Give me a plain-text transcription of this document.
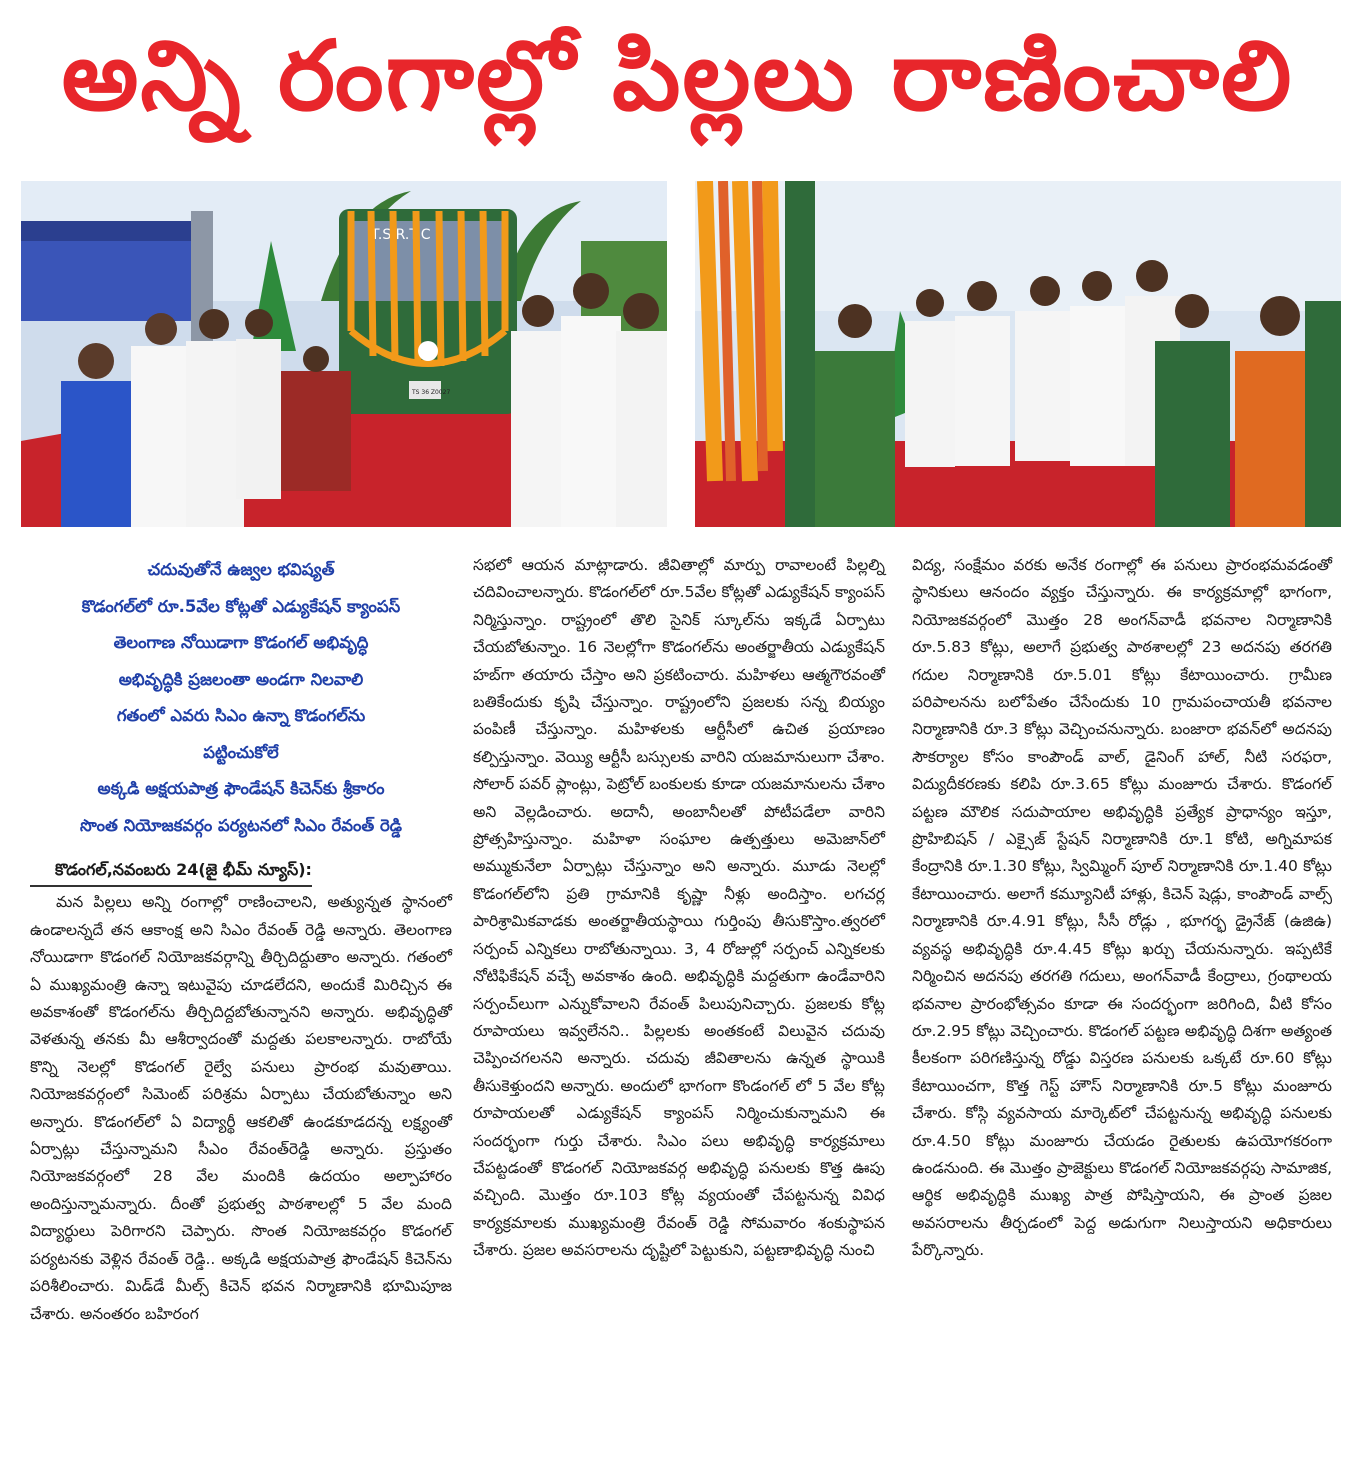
అన్ని రంగాల్లో పిల్లలు రాణించాలి
T.S.R.T.C
TS 36 Z0027
చదువుతోనే ఉజ్వల భవిష్యత్
కొడంగల్‌లో రూ.5వేల కోట్లతో ఎడ్యుకేషన్ క్యాంపస్
తెలంగాణ నోయిడాగా కొడంగల్ అభివృద్ధి
అభివృద్ధికి ప్రజలంతా అండగా నిలవాలి
గతంలో ఎవరు సిఎం ఉన్నా కొడంగల్‌ను
పట్టించుకోలే
అక్కడి అక్షయపాత్ర ఫౌండేషన్ కిచెన్‌కు శ్రీకారం
సొంత నియోజకవర్గం పర్యటనలో సిఎం రేవంత్ రెడ్డి
కొడంగల్,నవంబరు 24(జై భీమ్ న్యూస్):

మన పిల్లలు అన్ని రంగాల్లో రాణించాలని, అత్యున్నత స్థానంలో ఉండాలన్నదే తన ఆకాంక్ష అని సిఎం రేవంత్ రెడ్డి అన్నారు. తెలంగాణ నోయిడాగా కొడంగల్ నియోజకవర్గాన్ని తీర్చిదిద్దుతాం అన్నారు. గతంలో ఏ ముఖ్యమంత్రి ఉన్నా ఇటువైపు చూడలేదని, అందుకే మిరిచ్చిన ఈ అవకాశంతో కొడంగల్‌ను తీర్చిదిద్దబోతున్నానని అన్నారు. అభివృద్ధితో వెళతున్న తనకు మీ ఆశీర్వాదంతో మద్దతు పలకాలన్నారు. రాబోయే కొన్ని నెలల్లో కొడంగల్ రైల్వే పనులు ప్రారంభ మవుతాయి. నియోజకవర్గంలో సిమెంట్ పరిశ్రమ ఏర్పాటు చేయబోతున్నాం అని అన్నారు. కొడంగల్‌లో ఏ విద్యార్థీ ఆకలితో ఉండకూడదన్న లక్ష్యంతో ఏర్పాట్లు చేస్తున్నామని సీఎం రేవంత్‌రెడ్డి అన్నారు. ప్రస్తుతం నియోజకవర్గంలో 28 వేల మందికి ఉదయం అల్పాహారం అందిస్తున్నామన్నారు. దీంతో ప్రభుత్వ పాఠశాలల్లో 5 వేల మంది విద్యార్థులు పెరిగారని చెప్పారు. సొంత నియోజకవర్గం కొడంగల్ పర్యటనకు వెళ్లిన రేవంత్ రెడ్డి.. అక్కడి అక్షయపాత్ర ఫౌండేషన్ కిచెన్‌ను పరిశీలించారు. మిడ్‌డే మీల్స్ కిచెన్ భవన నిర్మాణానికి భూమిపూజ చేశారు. అనంతరం బహిరంగ

సభలో ఆయన మాట్లాడారు. జీవితాల్లో మార్పు రావాలంటే పిల్లల్ని చదివించాలన్నారు. కొడంగల్‌లో రూ.5వేల కోట్లతో ఎడ్యుకేషన్ క్యాంపస్ నిర్మిస్తున్నాం. రాష్ట్రంలో తొలి సైనిక్ స్కూల్‌ను ఇక్కడే ఏర్పాటు చేయబోతున్నాం. 16 నెలల్లోగా కొడంగల్‌ను అంతర్జాతీయ ఎడ్యుకేషన్ హబ్‌గా తయారు చేస్తాం అని ప్రకటించారు. మహిళలు ఆత్మగౌరవంతో బతికేందుకు కృషి చేస్తున్నాం. రాష్ట్రంలోని ప్రజలకు సన్న బియ్యం పంపిణీ చేస్తున్నాం. మహిళలకు ఆర్టీసీలో ఉచిత ప్రయాణం కల్పిస్తున్నాం. వెయ్యి ఆర్టీసీ బస్సులకు వారిని యజమానులుగా చేశాం. సోలార్ పవర్ ప్లాంట్లు, పెట్రోల్ బంకులకు కూడా యజమానులను చేశాం అని వెల్లడించారు. అదానీ, అంబానీలతో పోటీపడేలా వారిని ప్రోత్సహిస్తున్నాం. మహిళా సంఘాల ఉత్పత్తులు అమెజాన్‌లో అమ్ముకునేలా ఏర్పాట్లు చేస్తున్నాం అని అన్నారు. మూడు నెలల్లో కొడంగల్‌లోని ప్రతి గ్రామానికి కృష్ణా నీళ్లు అందిస్తాం. లగచర్ల పారిశ్రామికవాడకు అంతర్జాతీయస్థాయి గుర్తింపు తీసుకొస్తాం.త్వరలో సర్పంచ్ ఎన్నికలు రాబోతున్నాయి. 3, 4 రోజుల్లో సర్పంచ్ ఎన్నికలకు నోటిఫికేషన్ వచ్చే అవకాశం ఉంది. అభివృద్ధికి మద్దతుగా ఉండేవారిని సర్పంచ్‌లుగా ఎన్నుకోవాలని రేవంత్ పిలుపునిచ్చారు. ప్రజలకు కోట్ల రూపాయలు ఇవ్వలేనని.. పిల్లలకు అంతకంటే విలువైన చదువు చెప్పించగలనని అన్నారు. చదువు జీవితాలను ఉన్నత స్థాయికి తీసుకెళ్తుందని అన్నారు. అందులో భాగంగా కొండంగల్ లో 5 వేల కోట్ల రూపాయలతో ఎడ్యుకేషన్ క్యాంపస్ నిర్మించుకున్నామని ఈ సందర్భంగా గుర్తు చేశారు. సిఎం పలు అభివృద్ధి కార్యక్రమాలు చేపట్టడంతో కొడంగల్ నియోజకవర్గ అభివృద్ధి పనులకు కొత్త ఊపు వచ్చింది. మొత్తం రూ.103 కోట్ల వ్యయంతో చేపట్టనున్న వివిధ కార్యక్రమాలకు ముఖ్యమంత్రి రేవంత్ రెడ్డి సోమవారం శంకుస్థాపన చేశారు. ప్రజల అవసరాలను దృష్టిలో పెట్టుకుని, పట్టణాభివృద్ధి నుంచి

విద్య, సంక్షేమం వరకు అనేక రంగాల్లో ఈ పనులు ప్రారంభమవడంతో స్థానికులు ఆనందం వ్యక్తం చేస్తున్నారు. ఈ కార్యక్రమాల్లో భాగంగా, నియోజకవర్గంలో మొత్తం 28 అంగన్‌వాడీ భవనాల నిర్మాణానికి రూ.5.83 కోట్లు, అలాగే ప్రభుత్వ పాఠశాలల్లో 23 అదనపు తరగతి గదుల నిర్మాణానికి రూ.5.01 కోట్లు కేటాయించారు. గ్రామీణ పరిపాలనను బలోపేతం చేసేందుకు 10 గ్రామపంచాయతీ భవనాల నిర్మాణానికి రూ.3 కోట్లు వెచ్చించనున్నారు. బంజారా భవన్‌లో అదనపు సౌకర్యాల కోసం కాంపౌండ్ వాల్, డైనింగ్ హాల్, నీటి సరఫరా, విద్యుదీకరణకు కలిపి రూ.3.65 కోట్లు మంజూరు చేశారు. కొడంగల్ పట్టణ మౌలిక సదుపాయాల అభివృద్ధికి ప్రత్యేక ప్రాధాన్యం ఇస్తూ, ప్రొహిబిషన్ / ఎక్సైజ్ స్టేషన్ నిర్మాణానికి రూ.1 కోటి, అగ్నిమాపక కేంద్రానికి రూ.1.30 కోట్లు, స్విమ్మింగ్ పూల్ నిర్మాణానికి రూ.1.40 కోట్లు కేటాయించారు. అలాగే కమ్యూనిటీ హాళ్లు, కిచెన్ షెడ్లు, కాంపౌండ్ వాల్స్ నిర్మాణానికి రూ.4.91 కోట్లు, సీసీ రోడ్లు , భూగర్భ డ్రైనేజ్ (ఉజిఉ) వ్యవస్థ అభివృద్ధికి రూ.4.45 కోట్లు ఖర్చు చేయనున్నారు. ఇప్పటికే నిర్మించిన అదనపు తరగతి గదులు, అంగన్‌వాడీ కేంద్రాలు, గ్రంథాలయ భవనాల ప్రారంభోత్సవం కూడా ఈ సందర్భంగా జరిగింది, వీటి కోసం రూ.2.95 కోట్లు వెచ్చించారు. కొడంగల్ పట్టణ అభివృద్ధి దిశగా అత్యంత కీలకంగా పరిగణిస్తున్న రోడ్డు విస్తరణ పనులకు ఒక్కటే రూ.60 కోట్లు కేటాయించగా, కొత్త గెస్ట్ హౌస్ నిర్మాణానికి రూ.5 కోట్లు మంజూరు చేశారు. కోస్గి వ్యవసాయ మార్కెట్‌లో చేపట్టనున్న అభివృద్ధి పనులకు రూ.4.50 కోట్లు మంజూరు చేయడం రైతులకు ఉపయోగకరంగా ఉండనుంది. ఈ మొత్తం ప్రాజెక్టులు కొడంగల్ నియోజకవర్గపు సామాజిక, ఆర్థిక అభివృద్ధికి ముఖ్య పాత్ర పోషిస్తాయని, ఈ ప్రాంత ప్రజల అవసరాలను తీర్చడంలో పెద్ద అడుగుగా నిలుస్తాయని అధికారులు పేర్కొన్నారు.
